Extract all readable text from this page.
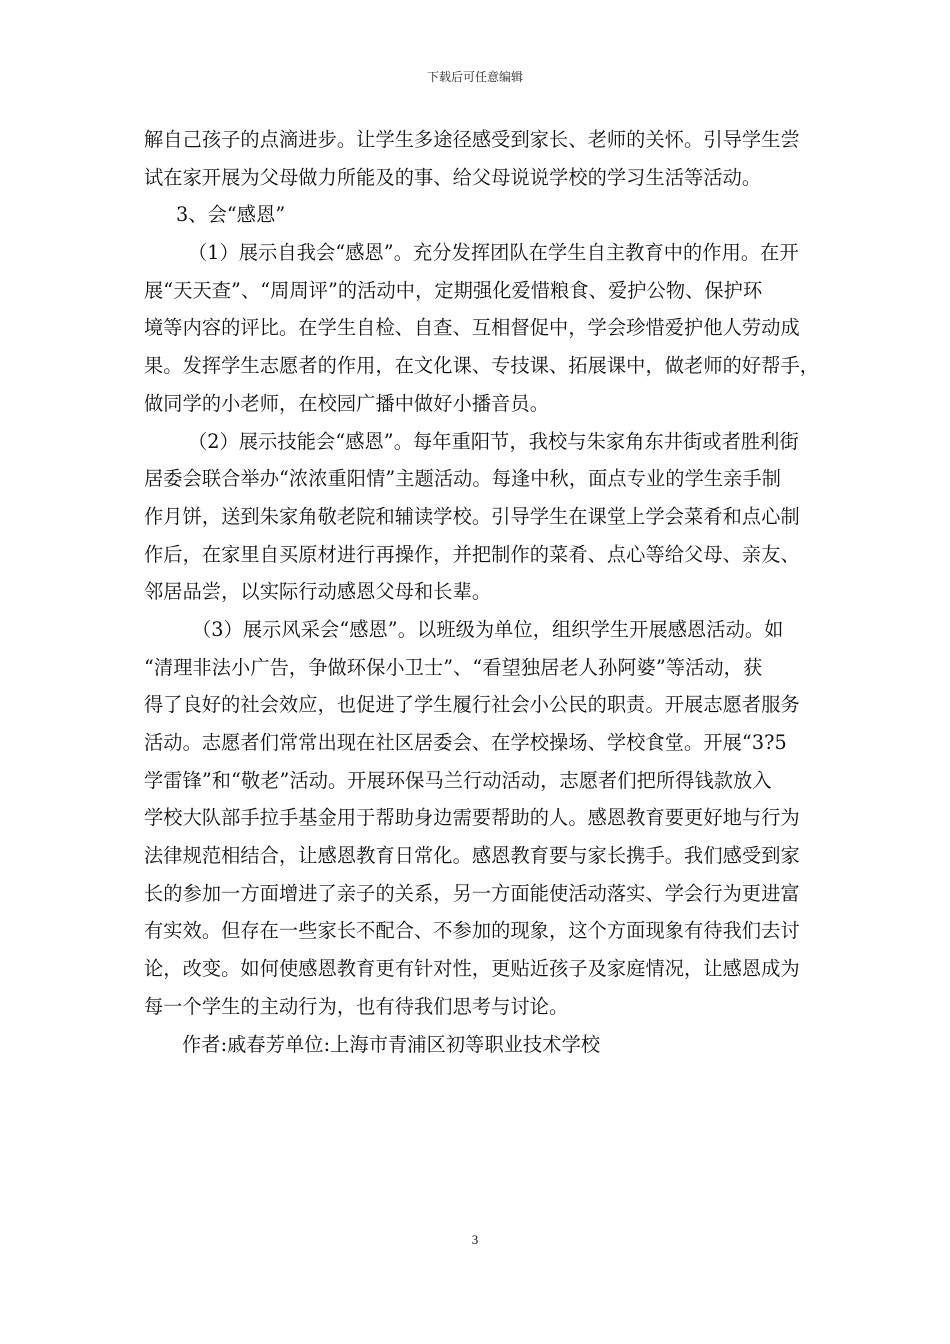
下载后可任意编辑
解自己孩子的点滴进步。让学生多途径感受到家长、老师的关怀。引导学生尝
试在家开展为父母做力所能及的事、给父母说说学校的学习生活等活动。
3、会“感恩”
（1）展示自我会“感恩”。充分发挥团队在学生自主教育中的作用。在开
展“天天查”、“周周评”的活动中，定期强化爱惜粮食、爱护公物、保护环
境等内容的评比。在学生自检、自查、互相督促中，学会珍惜爱护他人劳动成
果。发挥学生志愿者的作用，在文化课、专技课、拓展课中，做老师的好帮手，
做同学的小老师，在校园广播中做好小播音员。
（2）展示技能会“感恩”。每年重阳节，我校与朱家角东井街或者胜利街
居委会联合举办“浓浓重阳情”主题活动。每逢中秋，面点专业的学生亲手制
作月饼，送到朱家角敬老院和辅读学校。引导学生在课堂上学会菜肴和点心制
作后，在家里自买原材进行再操作，并把制作的菜肴、点心等给父母、亲友、
邻居品尝，以实际行动感恩父母和长辈。
（3）展示风采会“感恩”。以班级为单位，组织学生开展感恩活动。如
“清理非法小广告，争做环保小卫士”、“看望独居老人孙阿婆”等活动，获
得了良好的社会效应，也促进了学生履行社会小公民的职责。开展志愿者服务
活动。志愿者们常常出现在社区居委会、在学校操场、学校食堂。开展“3?5
学雷锋”和“敬老”活动。开展环保马兰行动活动，志愿者们把所得钱款放入
学校大队部手拉手基金用于帮助身边需要帮助的人。感恩教育要更好地与行为
法律规范相结合，让感恩教育日常化。感恩教育要与家长携手。我们感受到家
长的参加一方面增进了亲子的关系，另一方面能使活动落实、学会行为更进富
有实效。但存在一些家长不配合、不参加的现象，这个方面现象有待我们去讨
论，改变。如何使感恩教育更有针对性，更贴近孩子及家庭情况，让感恩成为
每一个学生的主动行为，也有待我们思考与讨论。
作者:戚春芳单位:上海市青浦区初等职业技术学校
3
